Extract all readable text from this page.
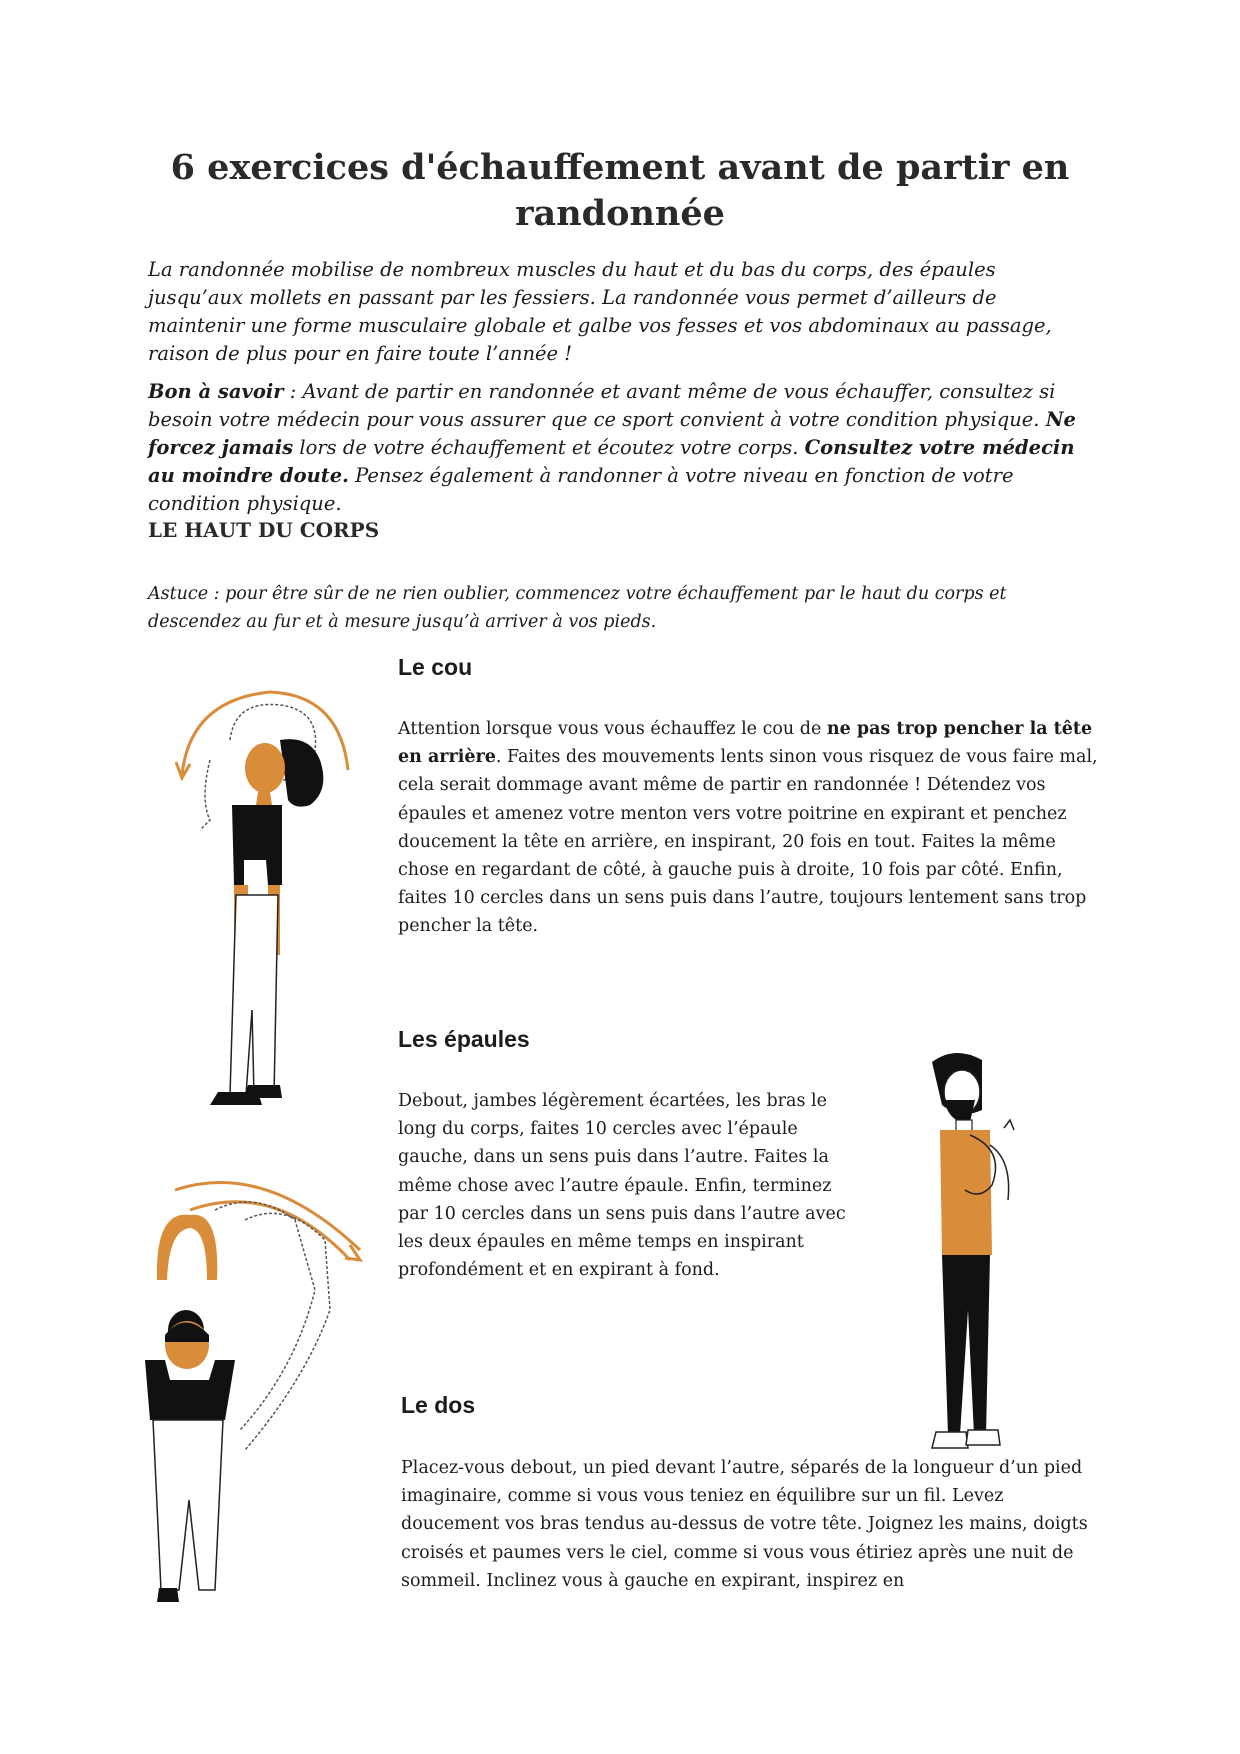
6 exercices d'échauffement avant de partir en randonnée

La randonnée mobilise de nombreux muscles du haut et du bas du corps, des épaules jusqu’aux mollets en passant par les fessiers. La randonnée vous permet d’ailleurs de maintenir une forme musculaire globale et galbe vos fesses et vos abdominaux au passage, raison de plus pour en faire toute l’année !

Bon à savoir : Avant de partir en randonnée et avant même de vous échauffer, consultez si besoin votre médecin pour vous assurer que ce sport convient à votre condition physique. Ne forcez jamais lors de votre échauffement et écoutez votre corps. Consultez votre médecin au moindre doute. Pensez également à randonner à votre niveau en fonction de votre condition physique.

LE HAUT DU CORPS

Astuce : pour être sûr de ne rien oublier, commencez votre échauffement par le haut du corps et descendez au fur et à mesure jusqu’à arriver à vos pieds.

Le cou

Attention lorsque vous vous échauffez le cou de ne pas trop pencher la tête en arrière. Faites des mouvements lents sinon vous risquez de vous faire mal, cela serait dommage avant même de partir en randonnée ! Détendez vos épaules et amenez votre menton vers votre poitrine en expirant et penchez doucement la tête en arrière, en inspirant, 20 fois en tout. Faites la même chose en regardant de côté, à gauche puis à droite, 10 fois par côté. Enfin, faites 10 cercles dans un sens puis dans l’autre, toujours lentement sans trop pencher la tête.

Les épaules

Debout, jambes légèrement écartées, les bras le long du corps, faites 10 cercles avec l’épaule gauche, dans un sens puis dans l’autre. Faites la même chose avec l’autre épaule. Enfin, terminez par 10 cercles dans un sens puis dans l’autre avec les deux épaules en même temps en inspirant profondément et en expirant à fond.

Le dos

Placez-vous debout, un pied devant l’autre, séparés de la longueur d’un pied imaginaire, comme si vous vous teniez en équilibre sur un fil. Levez doucement vos bras tendus au-dessus de votre tête. Joignez les mains, doigts croisés et paumes vers le ciel, comme si vous vous étiriez après une nuit de sommeil. Inclinez vous à gauche en expirant, inspirez en
